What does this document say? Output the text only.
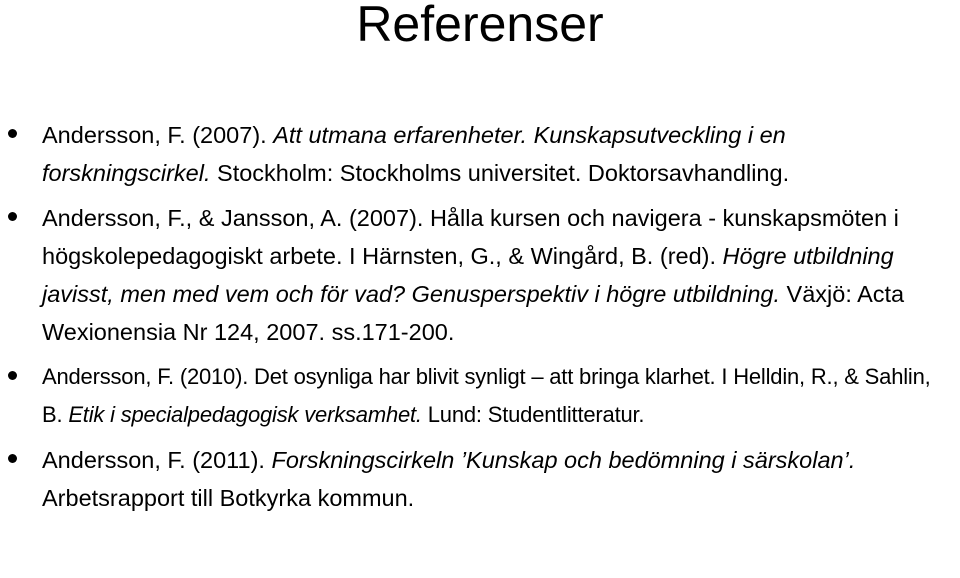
Referenser
Andersson, F. (2007). Att utmana erfarenheter. Kunskapsutveckling i en forskningscirkel. Stockholm: Stockholms universitet. Doktorsavhandling.
Andersson, F., & Jansson, A. (2007). Hålla kursen och navigera - kunskapsmöten i högskolepedagogiskt arbete. I Härnsten, G., & Wingård, B. (red). Högre utbildning javisst, men med vem och för vad? Genusperspektiv i högre utbildning. Växjö: Acta Wexionensia Nr 124, 2007. ss.171-200.
Andersson, F. (2010). Det osynliga har blivit synligt – att bringa klarhet. I Helldin, R., & Sahlin, B. Etik i specialpedagogisk verksamhet. Lund: Studentlitteratur.
Andersson, F. (2011). Forskningscirkeln ’Kunskap och bedömning i särskolan’. Arbetsrapport till Botkyrka kommun.
